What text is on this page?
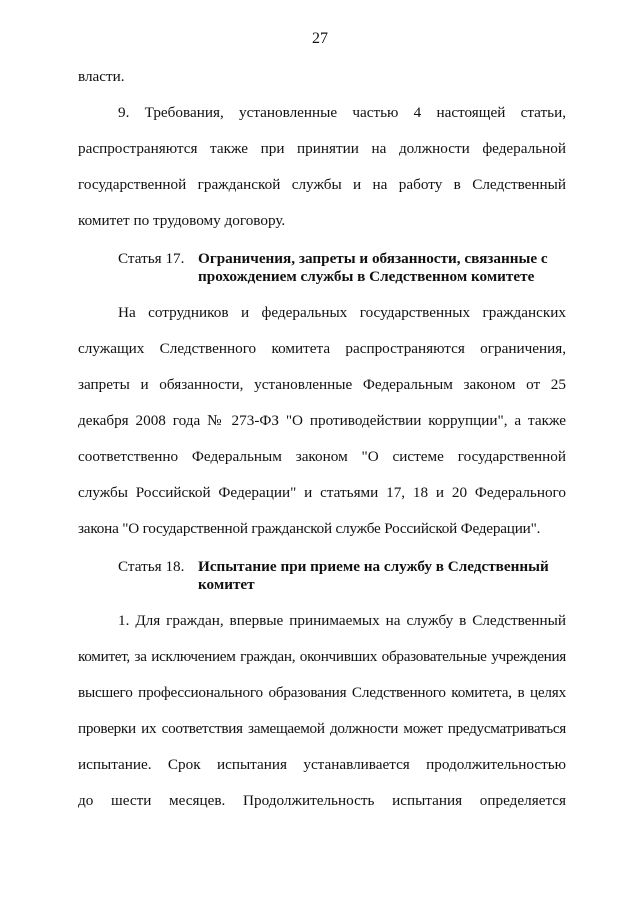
27
власти.
9. Требования, установленные частью 4 настоящей статьи,
распространяются также при принятии на должности федеральной
государственной гражданской службы и на работу в Следственный
комитет по трудовому договору.
Статья 17. Ограничения, запреты и обязанности, связанные с
прохождением службы в Следственном комитете
На сотрудников и федеральных государственных гражданских
служащих Следственного комитета распространяются ограничения,
запреты и обязанности, установленные Федеральным законом от 25
декабря 2008 года № 273-ФЗ "О противодействии коррупции", а также
соответственно Федеральным законом "О системе государственной
службы Российской Федерации" и статьями 17, 18 и 20 Федерального
закона "О государственной гражданской службе Российской Федерации".
Статья 18. Испытание при приеме на службу в Следственный
комитет
1. Для граждан, впервые принимаемых на службу в Следственный
комитет, за исключением граждан, окончивших образовательные учреждения
высшего профессионального образования Следственного комитета, в целях
проверки их соответствия замещаемой должности может предусматриваться
испытание. Срок испытания устанавливается продолжительностью
до шести месяцев. Продолжительность испытания определяется
